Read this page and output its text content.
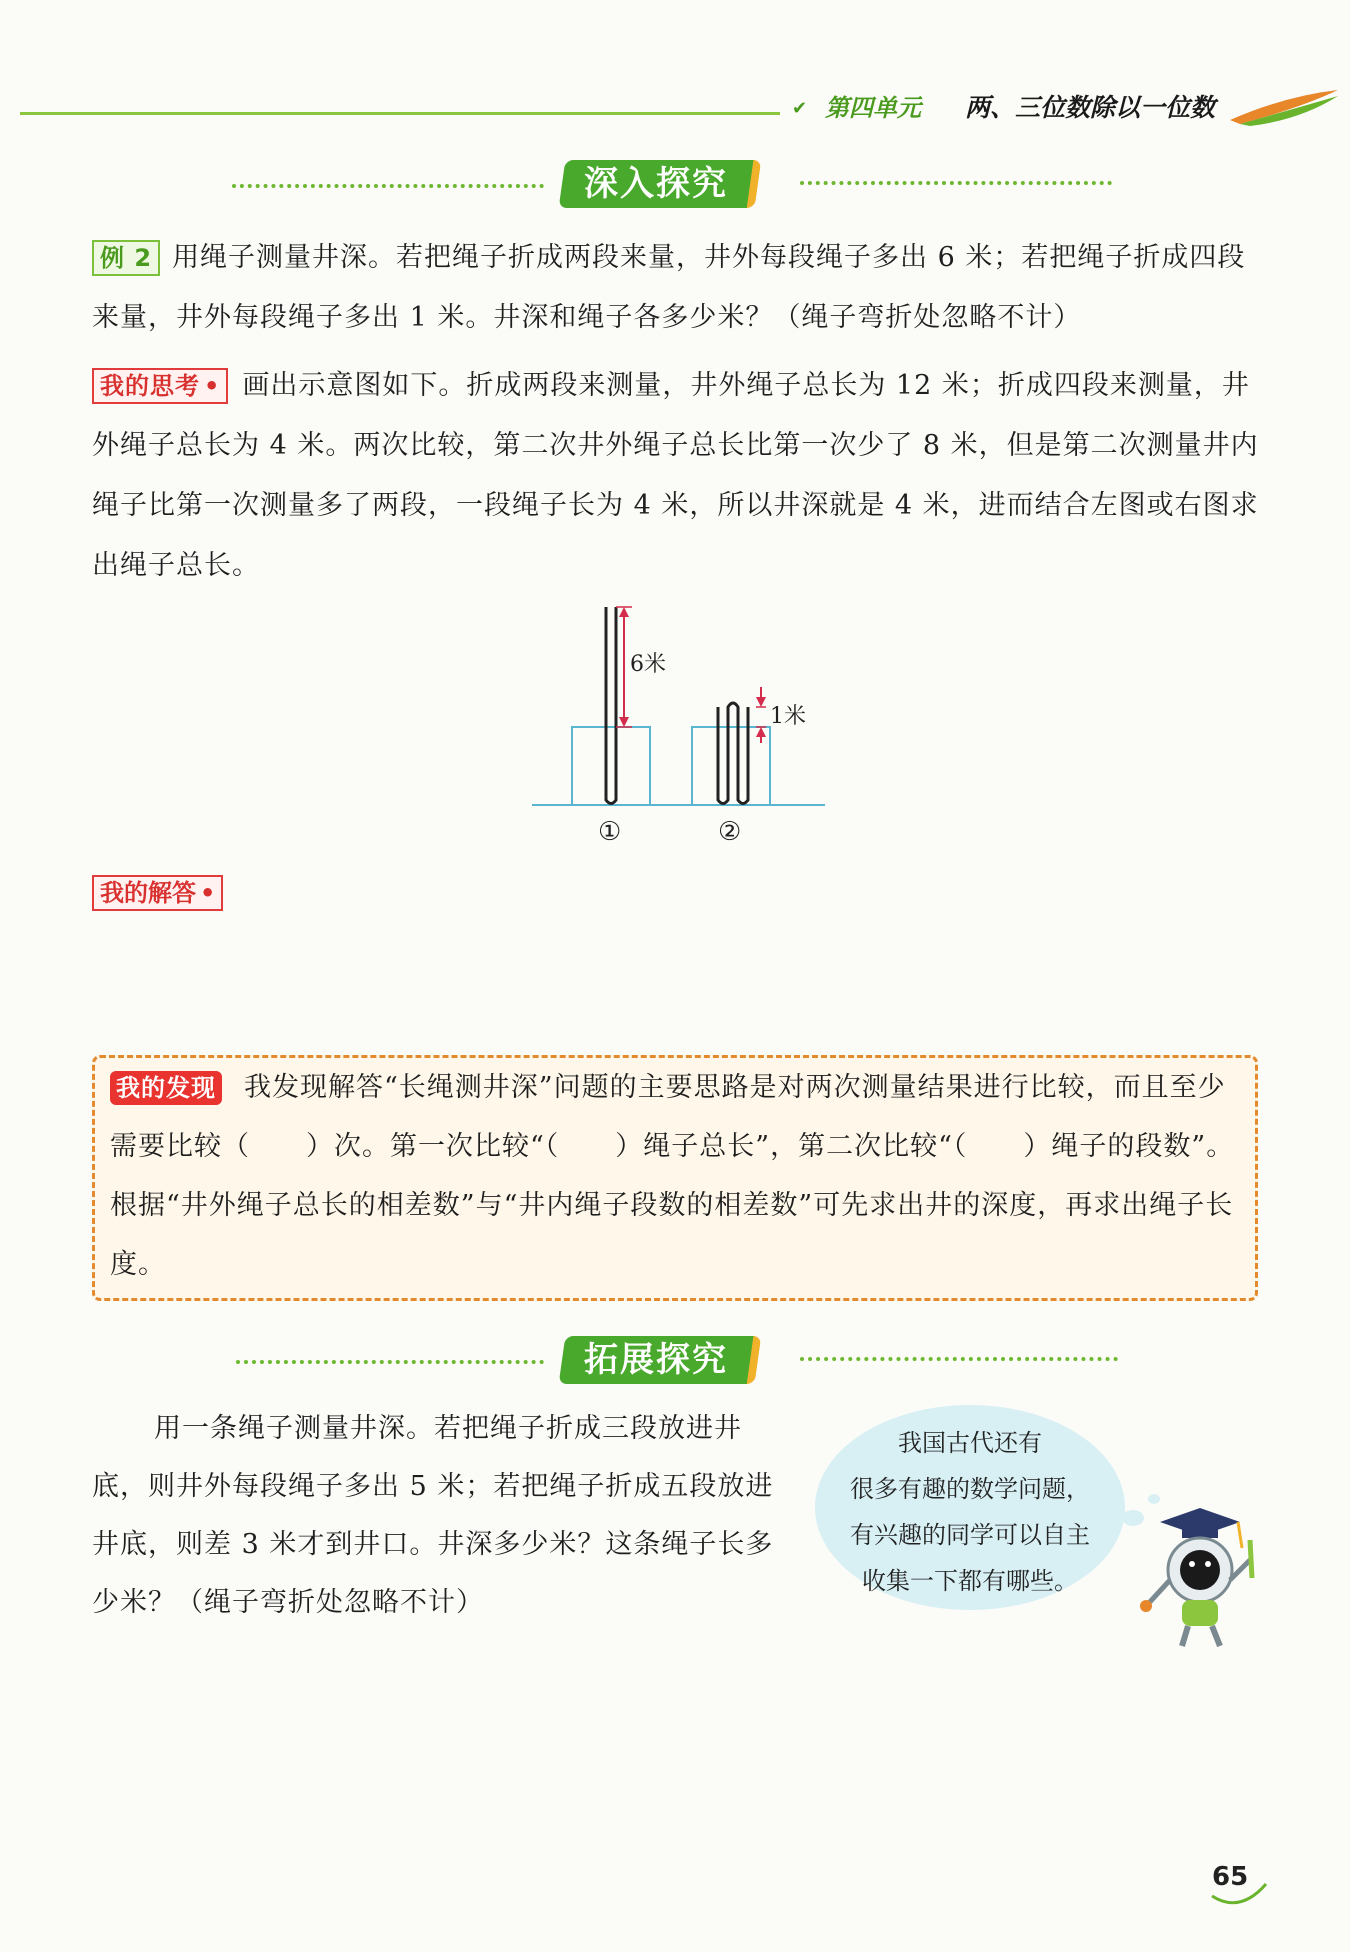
✔ 第四单元 两、三位数除以一位数
深入探究
例 2 用绳子测量井深。若把绳子折成两段来量，井外每段绳子多出 6 米；若把绳子折成四段来量，井外每段绳子多出 1 米。井深和绳子各多少米？（绳子弯折处忽略不计）
我的思考 • 画出示意图如下。折成两段来测量，井外绳子总长为 12 米；折成四段来测量，井外绳子总长为 4 米。两次比较，第二次井外绳子总长比第一次少了 8 米，但是第二次测量井内绳子比第一次测量多了两段，一段绳子长为 4 米，所以井深就是 4 米，进而结合左图或右图求出绳子总长。
6米
1米
①	②
我的解答 •
我的发现 我发现解答“长绳测井深”问题的主要思路是对两次测量结果进行比较，而且至少需要比较（　　）次。第一次比较“（　　）绳子总长”，第二次比较“（　　）绳子的段数”。根据“井外绳子总长的相差数”与“井内绳子段数的相差数”可先求出井的深度，再求出绳子长度。
拓展探究
用一条绳子测量井深。若把绳子折成三段放进井底，则井外每段绳子多出 5 米；若把绳子折成五段放进井底，则差 3 米才到井口。井深多少米？这条绳子长多少米？（绳子弯折处忽略不计）
我国古代还有
很多有趣的数学问题，
有兴趣的同学可以自主
收集一下都有哪些。
65
